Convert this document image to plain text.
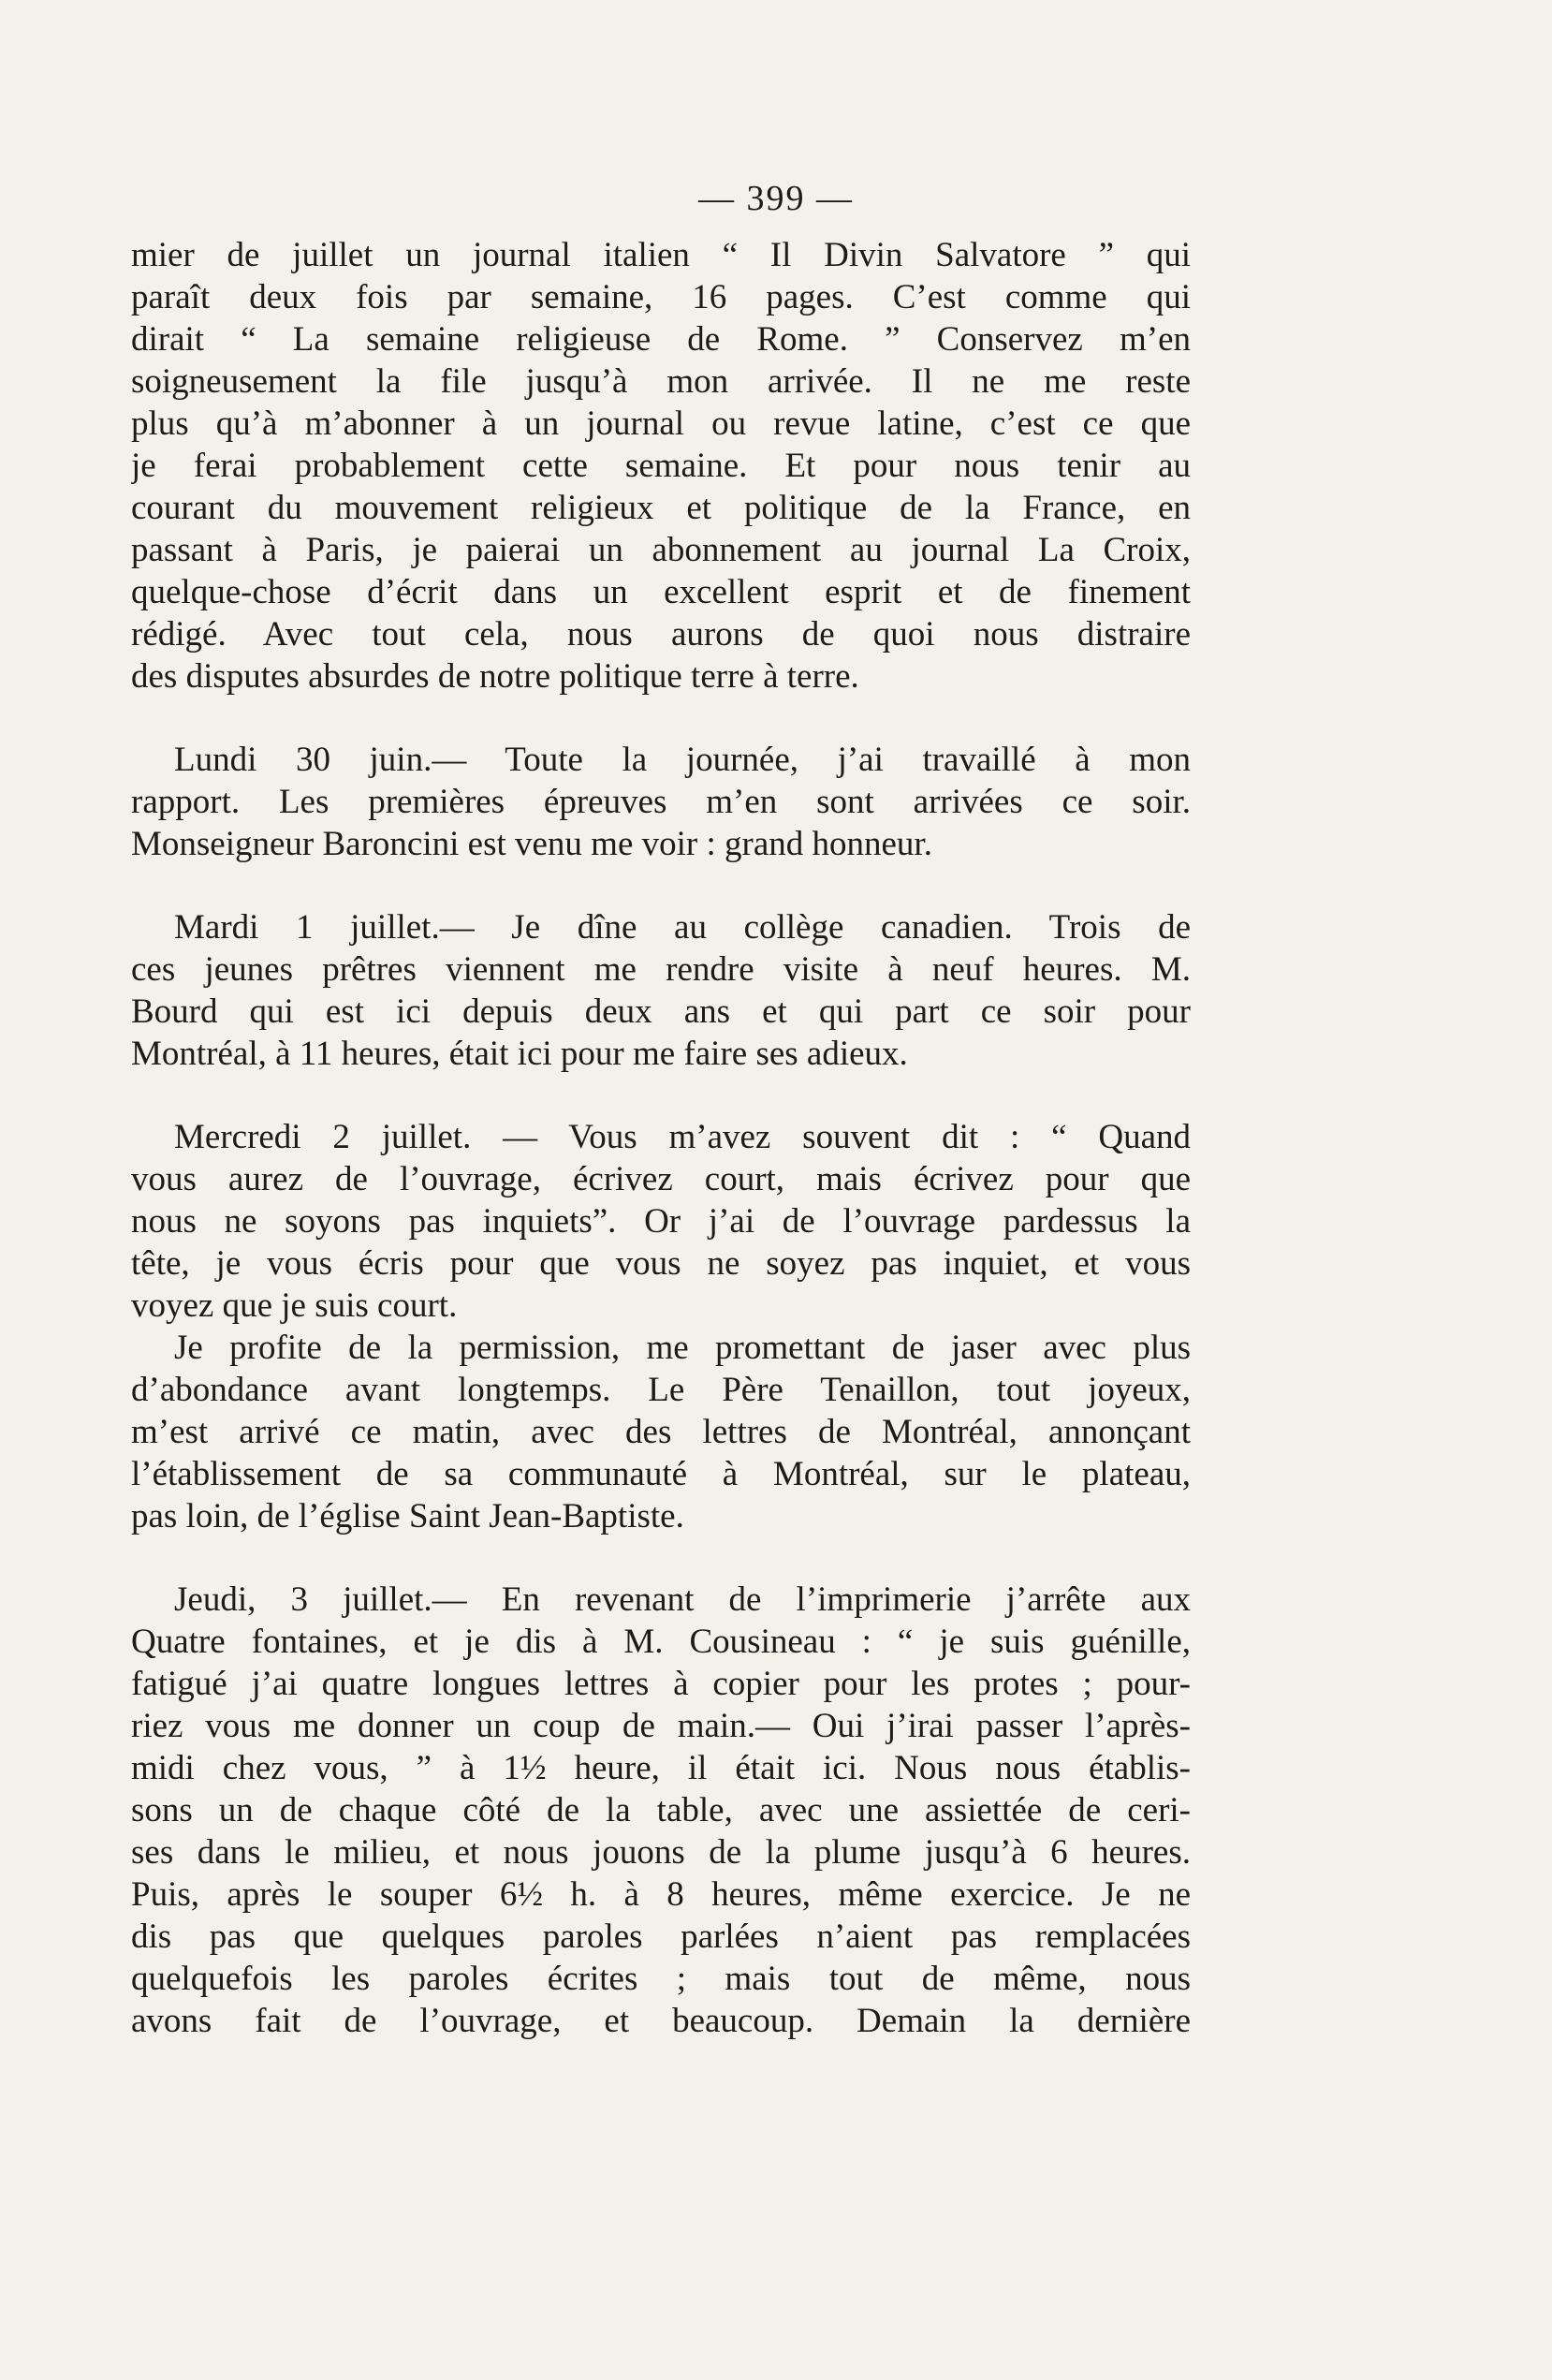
— 399 —
mier de juillet un journal italien “ Il Divin Salvatore ” qui
paraît deux fois par semaine, 16 pages. C’est comme qui
dirait “ La semaine religieuse de Rome. ” Conservez m’en
soigneusement la file jusqu’à mon arrivée. Il ne me reste
plus qu’à m’abonner à un journal ou revue latine, c’est ce que
je ferai probablement cette semaine. Et pour nous tenir au
courant du mouvement religieux et politique de la France, en
passant à Paris, je paierai un abonnement au journal La Croix,
quelque-chose d’écrit dans un excellent esprit et de finement
rédigé. Avec tout cela, nous aurons de quoi nous distraire
des disputes absurdes de notre politique terre à terre.
Lundi 30 juin.— Toute la journée, j’ai travaillé à mon
rapport. Les premières épreuves m’en sont arrivées ce soir.
Monseigneur Baroncini est venu me voir : grand honneur.
Mardi 1 juillet.— Je dîne au collège canadien. Trois de
ces jeunes prêtres viennent me rendre visite à neuf heures. M.
Bourd qui est ici depuis deux ans et qui part ce soir pour
Montréal, à 11 heures, était ici pour me faire ses adieux.
Mercredi 2 juillet. — Vous m’avez souvent dit : “ Quand
vous aurez de l’ouvrage, écrivez court, mais écrivez pour que
nous ne soyons pas inquiets”. Or j’ai de l’ouvrage pardessus la
tête, je vous écris pour que vous ne soyez pas inquiet, et vous
voyez que je suis court.
Je profite de la permission, me promettant de jaser avec plus
d’abondance avant longtemps. Le Père Tenaillon, tout joyeux,
m’est arrivé ce matin, avec des lettres de Montréal, annonçant
l’établissement de sa communauté à Montréal, sur le plateau,
pas loin, de l’église Saint Jean-Baptiste.
Jeudi, 3 juillet.— En revenant de l’imprimerie j’arrête aux
Quatre fontaines, et je dis à M. Cousineau : “ je suis guénille,
fatigué j’ai quatre longues lettres à copier pour les protes ; pour-
riez vous me donner un coup de main.— Oui j’irai passer l’après-
midi chez vous, ” à 1½ heure, il était ici. Nous nous établis-
sons un de chaque côté de la table, avec une assiettée de ceri-
ses dans le milieu, et nous jouons de la plume jusqu’à 6 heures.
Puis, après le souper 6½ h. à 8 heures, même exercice. Je ne
dis pas que quelques paroles parlées n’aient pas remplacées
quelquefois les paroles écrites ; mais tout de même, nous
avons fait de l’ouvrage, et beaucoup. Demain la dernière
